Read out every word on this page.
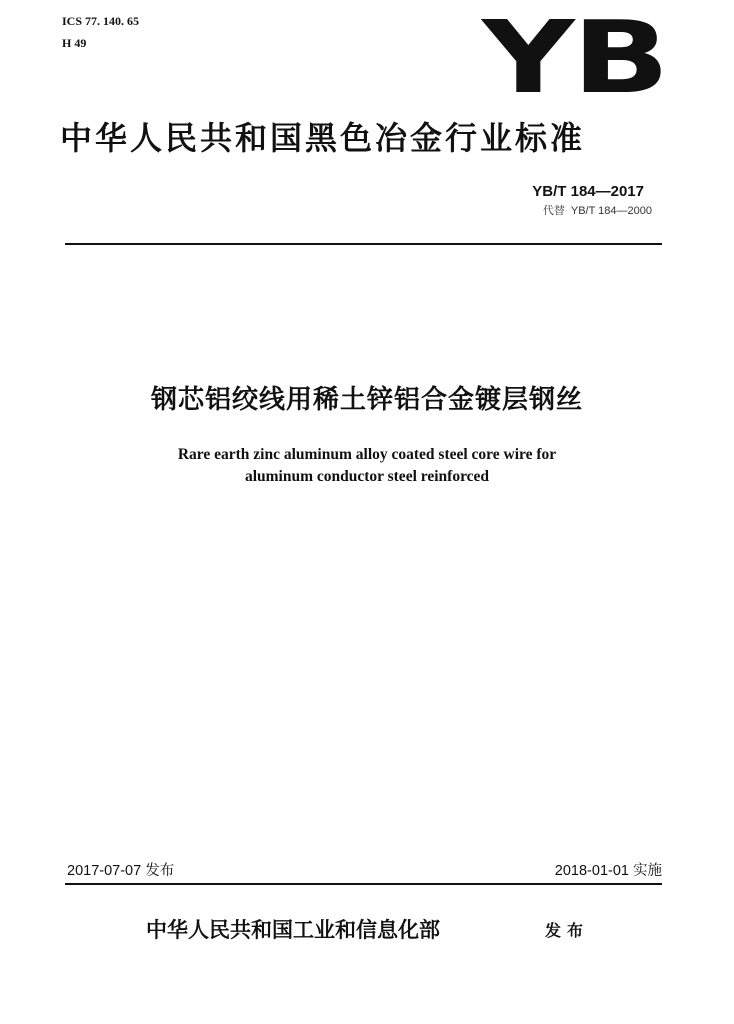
ICS 77. 140. 65
H 49	YB
中华人民共和国黑色冶金行业标准
YB/T 184—2017
代替 YB/T 184—2000
钢芯铝绞线用稀土锌铝合金镀层钢丝
Rare earth zinc aluminum alloy coated steel core wire for
aluminum conductor steel reinforced
2017-07-07 发布	2018-01-01 实施
中华人民共和国工业和信息化部	发布
